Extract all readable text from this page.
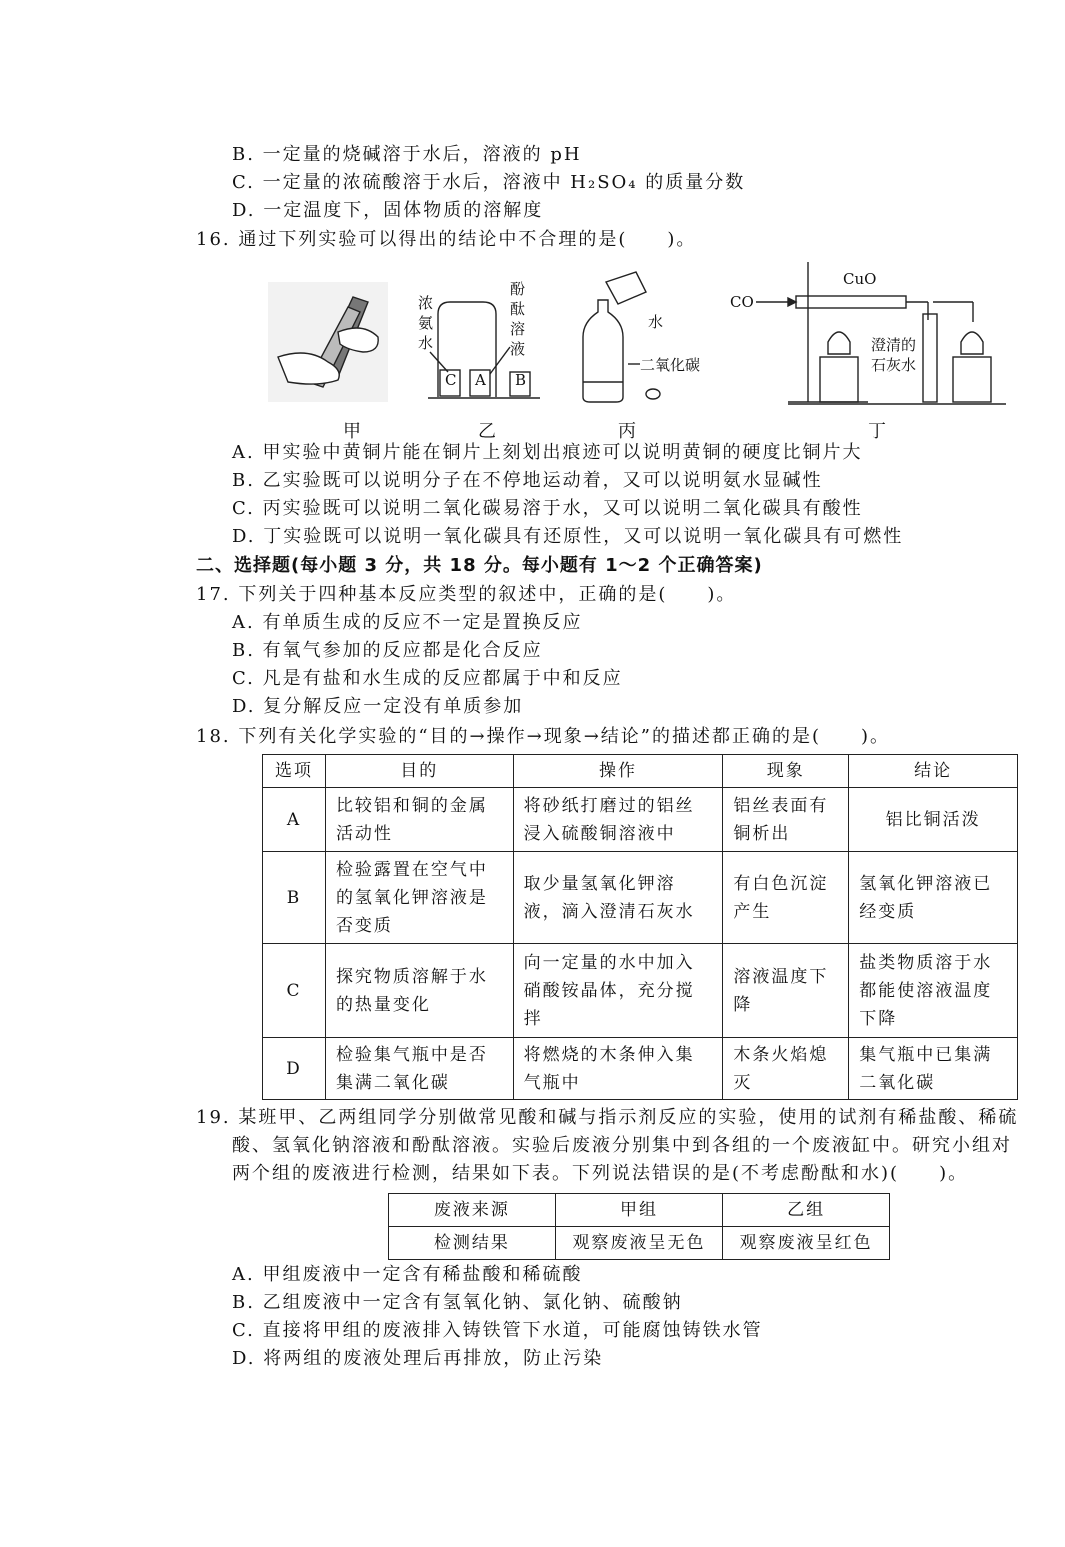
B. 一定量的烧碱溶于水后，溶液的 pH
C. 一定量的浓硫酸溶于水后，溶液中 H₂SO₄ 的质量分数
D. 一定温度下，固体物质的溶解度
16. 通过下列实验可以得出的结论中不合理的是(　　)。
浓
氨
水
酚
酞
溶
液
C A B
水
二氧化碳
CO
CuO
澄清的
石灰水
甲	乙	丙	丁
A. 甲实验中黄铜片能在铜片上刻划出痕迹可以说明黄铜的硬度比铜片大
B. 乙实验既可以说明分子在不停地运动着，又可以说明氨水显碱性
C. 丙实验既可以说明二氧化碳易溶于水，又可以说明二氧化碳具有酸性
D. 丁实验既可以说明一氧化碳具有还原性，又可以说明一氧化碳具有可燃性
二、选择题(每小题 3 分，共 18 分。每小题有 1～2 个正确答案)
17. 下列关于四种基本反应类型的叙述中，正确的是(　　)。
A. 有单质生成的反应不一定是置换反应
B. 有氧气参加的反应都是化合反应
C. 凡是有盐和水生成的反应都属于中和反应
D. 复分解反应一定没有单质参加
18. 下列有关化学实验的“目的→操作→现象→结论”的描述都正确的是(　　)。
选项	目的	操作	现象	结论
A	比较铝和铜的金属活动性	将砂纸打磨过的铝丝浸入硫酸铜溶液中	铝丝表面有铜析出	铝比铜活泼
B	检验露置在空气中的氢氧化钾溶液是否变质	取少量氢氧化钾溶液，滴入澄清石灰水	有白色沉淀产生	氢氧化钾溶液已经变质
C	探究物质溶解于水的热量变化	向一定量的水中加入硝酸铵晶体，充分搅拌	溶液温度下降	盐类物质溶于水都能使溶液温度下降
D	检验集气瓶中是否集满二氧化碳	将燃烧的木条伸入集气瓶中	木条火焰熄灭	集气瓶中已集满二氧化碳
19. 某班甲、乙两组同学分别做常见酸和碱与指示剂反应的实验，使用的试剂有稀盐酸、稀硫
酸、氢氧化钠溶液和酚酞溶液。实验后废液分别集中到各组的一个废液缸中。研究小组对
两个组的废液进行检测，结果如下表。下列说法错误的是(不考虑酚酞和水)(　　)。
废液来源	甲组	乙组
检测结果	观察废液呈无色	观察废液呈红色
A. 甲组废液中一定含有稀盐酸和稀硫酸
B. 乙组废液中一定含有氢氧化钠、氯化钠、硫酸钠
C. 直接将甲组的废液排入铸铁管下水道，可能腐蚀铸铁水管
D. 将两组的废液处理后再排放，防止污染
